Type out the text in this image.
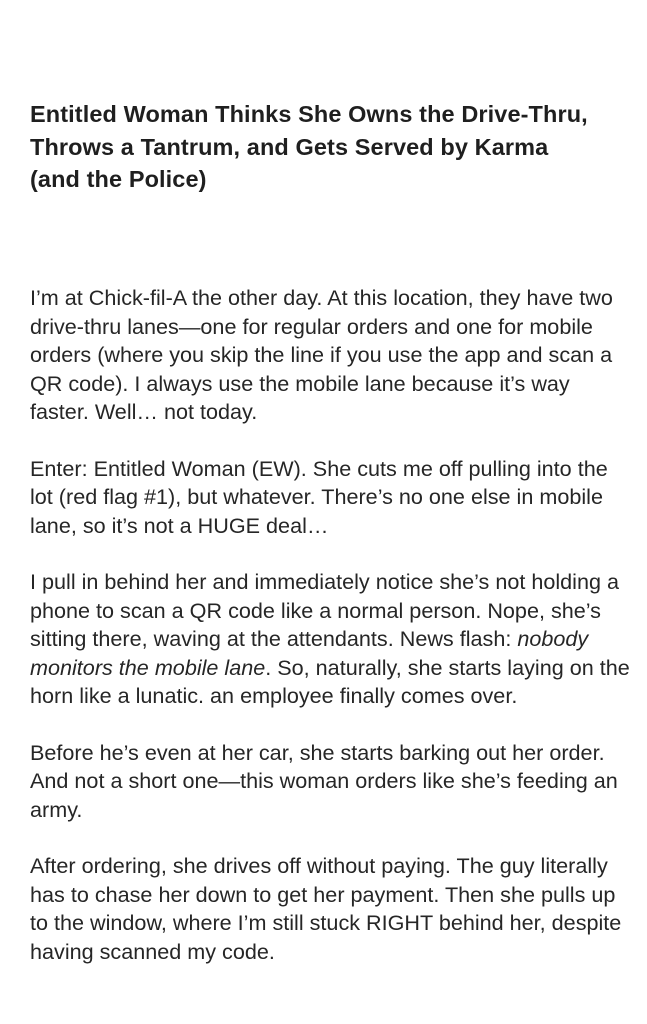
Entitled Woman Thinks She Owns the Drive-Thru, Throws a Tantrum, and Gets Served by Karma (and the Police)

I’m at Chick-fil-A the other day. At this location, they have two drive-thru lanes—one for regular orders and one for mobile orders (where you skip the line if you use the app and scan a QR code). I always use the mobile lane because it’s way faster. Well… not today.

Enter: Entitled Woman (EW). She cuts me off pulling into the lot (red flag #1), but whatever. There’s no one else in mobile lane, so it’s not a HUGE deal…

I pull in behind her and immediately notice she’s not holding a phone to scan a QR code like a normal person. Nope, she’s sitting there, waving at the attendants. News flash: nobody monitors the mobile lane. So, naturally, she starts laying on the horn like a lunatic. an employee finally comes over.

Before he’s even at her car, she starts barking out her order. And not a short one—this woman orders like she’s feeding an army.

After ordering, she drives off without paying. The guy literally has to chase her down to get her payment. Then she pulls up to the window, where I’m still stuck RIGHT behind her, despite having scanned my code.
